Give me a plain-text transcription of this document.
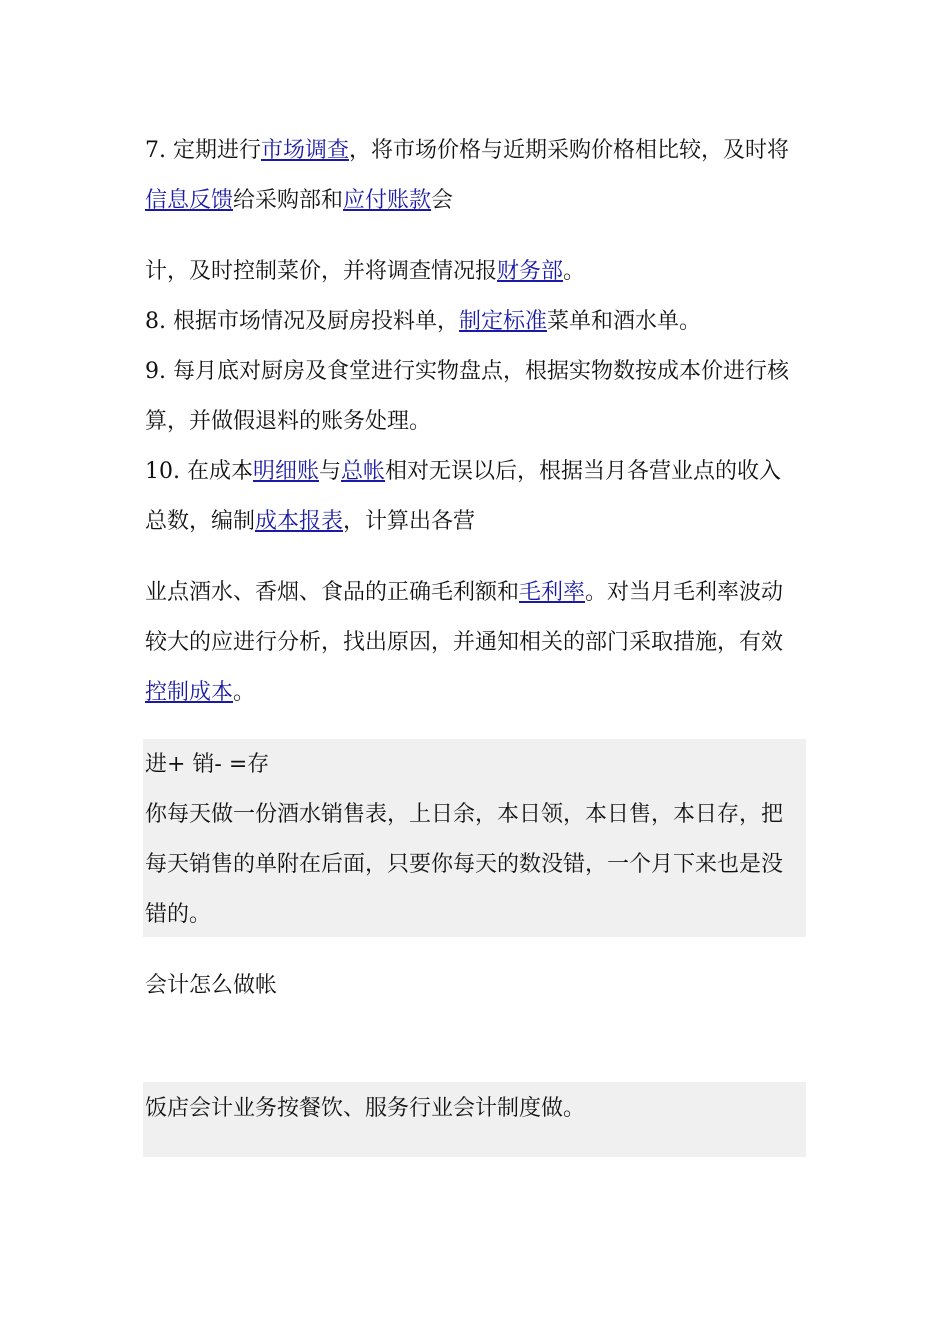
7. 定期进行市场调查，将市场价格与近期采购价格相比较，及时将
信息反馈给采购部和应付账款会
计，及时控制菜价，并将调查情况报财务部。
8. 根据市场情况及厨房投料单，制定标准菜单和酒水单。
9. 每月底对厨房及食堂进行实物盘点，根据实物数按成本价进行核
算，并做假退料的账务处理。
10. 在成本明细账与总帐相对无误以后，根据当月各营业点的收入
总数，编制成本报表，计算出各营
业点酒水、香烟、食品的正确毛利额和毛利率。对当月毛利率波动
较大的应进行分析，找出原因，并通知相关的部门采取措施，有效
控制成本。
进+ 销- =存
你每天做一份酒水销售表，上日余，本日领，本日售，本日存，把
每天销售的单附在后面，只要你每天的数没错，一个月下来也是没
错的。
会计怎么做帐
饭店会计业务按餐饮、服务行业会计制度做。
